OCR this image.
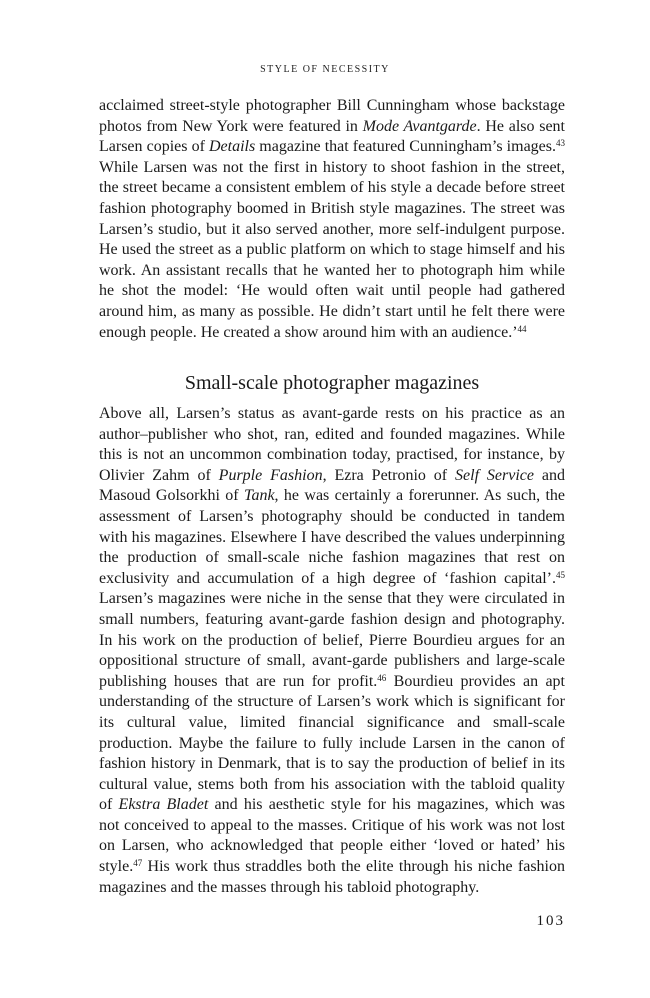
STYLE OF NECESSITY

acclaimed street-style photographer Bill Cunningham whose backstage photos from New York were featured in Mode Avantgarde. He also sent Larsen copies of Details magazine that featured Cunningham’s images.$^{43}$ While Larsen was not the first in history to shoot fashion in the street, the street became a consistent emblem of his style a decade before street fashion photography boomed in British style magazines. The street was Larsen’s studio, but it also served another, more self-indulgent purpose. He used the street as a public platform on which to stage himself and his work. An assistant recalls that he wanted her to photograph him while he shot the model: ‘He would often wait until people had gathered around him, as many as possible. He didn’t start until he felt there were enough people. He created a show around him with an audience.’$^{44}$

Small-scale photographer magazines

Above all, Larsen’s status as avant-garde rests on his practice as an author–publisher who shot, ran, edited and founded magazines. While this is not an uncommon combination today, practised, for instance, by Olivier Zahm of Purple Fashion, Ezra Petronio of Self Service and Masoud Golsorkhi of Tank, he was certainly a forerunner. As such, the assessment of Larsen’s photography should be conducted in tandem with his magazines. Elsewhere I have described the values underpinning the production of small-scale niche fashion magazines that rest on exclusivity and accumulation of a high degree of ‘fashion capital’.$^{45}$ Larsen’s magazines were niche in the sense that they were circulated in small numbers, featuring avant-garde fashion design and photography. In his work on the production of belief, Pierre Bourdieu argues for an oppositional structure of small, avant-garde publishers and large-scale publishing houses that are run for profit.$^{46}$ Bourdieu provides an apt understanding of the structure of Larsen’s work which is significant for its cultural value, limited financial significance and small-scale production. Maybe the failure to fully include Larsen in the canon of fashion history in Denmark, that is to say the production of belief in its cultural value, stems both from his association with the tabloid quality of Ekstra Bladet and his aesthetic style for his magazines, which was not conceived to appeal to the masses. Critique of his work was not lost on Larsen, who acknowledged that people either ‘loved or hated’ his style.$^{47}$ His work thus straddles both the elite through his niche fashion magazines and the masses through his tabloid photography.

103
